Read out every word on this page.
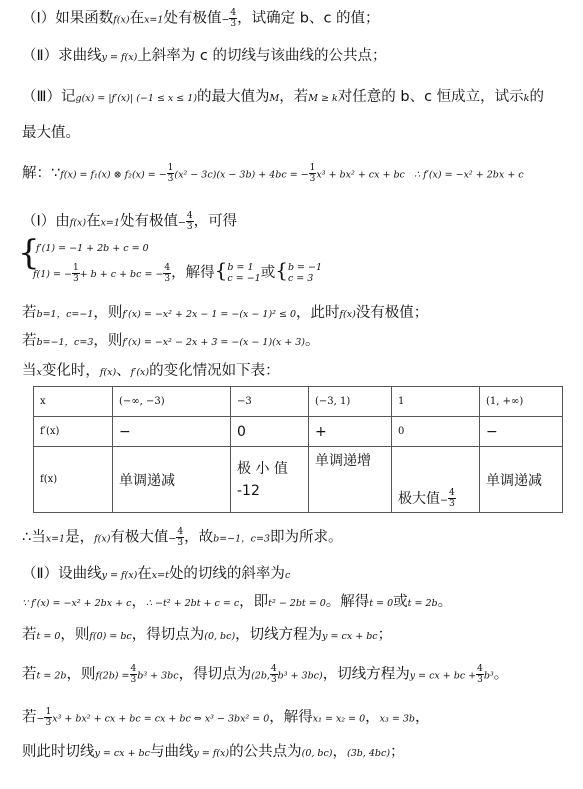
（Ⅰ）如果函数f(x)在x=1处有极值− $\frac{4}{3}$ ，试确定 b、c 的值；
（Ⅱ）求曲线y = f(x)上斜率为 c 的切线与该曲线的公共点；
（Ⅲ）记g(x) = |f′(x)| (−1 ≤ x ≤ 1)的最大值为M，若M ≥ k对任意的 b、c 恒成立，试示k的
最大值。
解：∵f(x) = f₁(x) ⊗ f₂(x) = − $\frac{1}{3} (x^2 - 3c)(x - 3b) + 4bc$ = − $\frac{1}{3} x^3 + bx^2$ + cx + bc ∴ f′(x) = −x² + 2bx + c
（Ⅰ）由f(x)在x=1处有极值− $\frac{4}{3}$ ，可得
{
f′(1) = −1 + 2b + c = 0
f(1) = − $\frac{1}{3} + b + c$ + bc = − $\frac{4}{3}$ ，解得{ b = 1
c = −1 或{ b = −1
c = 3
若b=1，c=−1，则f′(x) = −x² + 2x − 1 = −(x − 1)² ≤ 0，此时f(x)没有极值；
若b=−1，c=3，则f′(x) = −x² − 2x + 3 = −(x − 1)(x + 3)。
当x变化时，f(x)、f′(x)的变化情况如下表：
x	(−∞, −3)	−3	(−3, 1)	1	(1, +∞)
f′(x)	−	0	+	0	−
f(x)	单调递减	极 小 值
-12	单调递增	极大值− $\frac{4}{3}$	单调递减
∴当x=1是，f(x)有极大值− $\frac{4}{3}$ ，故b=−1，c=3即为所求。
（Ⅱ）设曲线y = f(x)在x=t处的切线的斜率为c
∵ f′(x) = −x² + 2bx + c，∴ −t² + 2bt + c = c，即t² − 2bt = 0。解得t = 0或t = 2b。
若t = 0，则f(0) = bc，得切点为(0, bc)，切线方程为y = cx + bc；
若t = 2b，则$f(2b) = \frac{4}{3} b^3 + 3bc$，得切点为(2b, $\frac{4}{3} b^3 + 3bc$)，切线方程为y = cx + bc + $\frac{4}{3} b^3$。
若− $\frac{1}{3} x^3 + bx^2$ + cx + bc = cx + bc ⇔ x³ − 3bx² = 0，解得x₁ = x₂ = 0，x₃ = 3b，
则此时切线y = cx + bc与曲线y = f(x)的公共点为(0, bc)，(3b, 4bc)；
